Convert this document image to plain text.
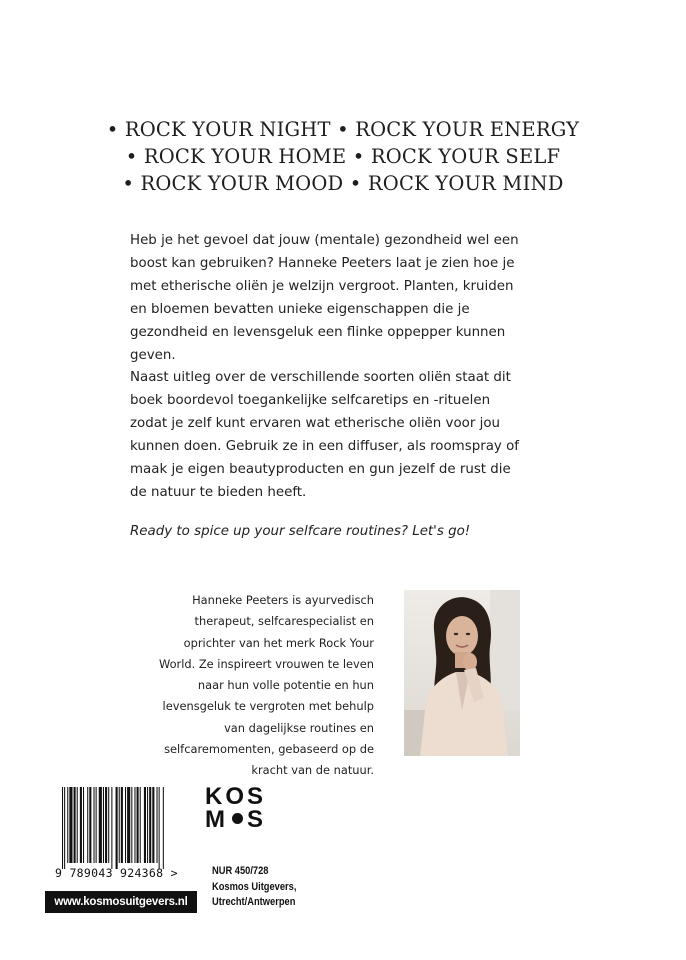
• ROCK YOUR NIGHT • ROCK YOUR ENERGY
• ROCK YOUR HOME • ROCK YOUR SELF
• ROCK YOUR MOOD • ROCK YOUR MIND

Heb je het gevoel dat jouw (mentale) gezondheid wel een boost kan gebruiken? Hanneke Peeters laat je zien hoe je met etherische oliën je welzijn vergroot. Planten, kruiden en bloemen bevatten unieke eigenschappen die je gezondheid en levensgeluk een flinke oppepper kunnen geven.

Naast uitleg over de verschillende soorten oliën staat dit boek boordevol toegankelijke selfcaretips en -rituelen zodat je zelf kunt ervaren wat etherische oliën voor jou kunnen doen. Gebruik ze in een diffuser, als roomspray of maak je eigen beautyproducten en gun jezelf de rust die de natuur te bieden heeft.

Ready to spice up your selfcare routines? Let's go!

Hanneke Peeters is ayurvedisch therapeut, selfcarespecialist en oprichter van het merk Rock Your World. Ze inspireert vrouwen te leven naar hun volle potentie en hun levensgeluk te vergroten met behulp van dagelijkse routines en selfcaremomenten, gebaseerd op de kracht van de natuur.

9 789043 924368 >
www.kosmosuitgevers.nl
KOS
M S
NUR 450/728
Kosmos Uitgevers,
Utrecht/Antwerpen
